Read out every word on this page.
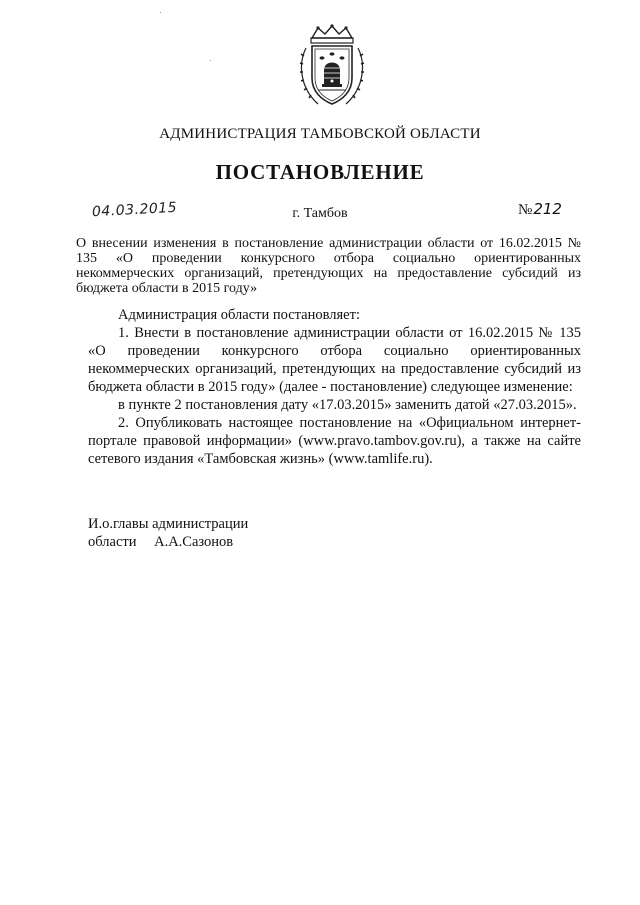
АДМИНИСТРАЦИЯ ТАМБОВСКОЙ ОБЛАСТИ
ПОСТАНОВЛЕНИЕ
04.03.2015	г. Тамбов	№212
О внесении изменения в постановление администрации области от 16.02.2015 № 135 «О проведении конкурсного отбора социально ориентированных некоммерческих организаций, претендующих на предоставление субсидий из бюджета области в 2015 году»

Администрация области постановляет:

1. Внести в постановление администрации области от 16.02.2015 № 135 «О проведении конкурсного отбора социально ориентированных некоммерческих организаций, претендующих на предоставление субсидий из бюджета области в 2015 году» (далее - постановление) следующее изменение:

в пункте 2 постановления дату «17.03.2015» заменить датой «27.03.2015».

2. Опубликовать настоящее постановление на «Официальном интернет-портале правовой информации» (www.pravo.tambov.gov.ru), а также на сайте сетевого издания «Тамбовская жизнь» (www.tamlife.ru).

И.о.главы администрации
области А.А.Сазонов
